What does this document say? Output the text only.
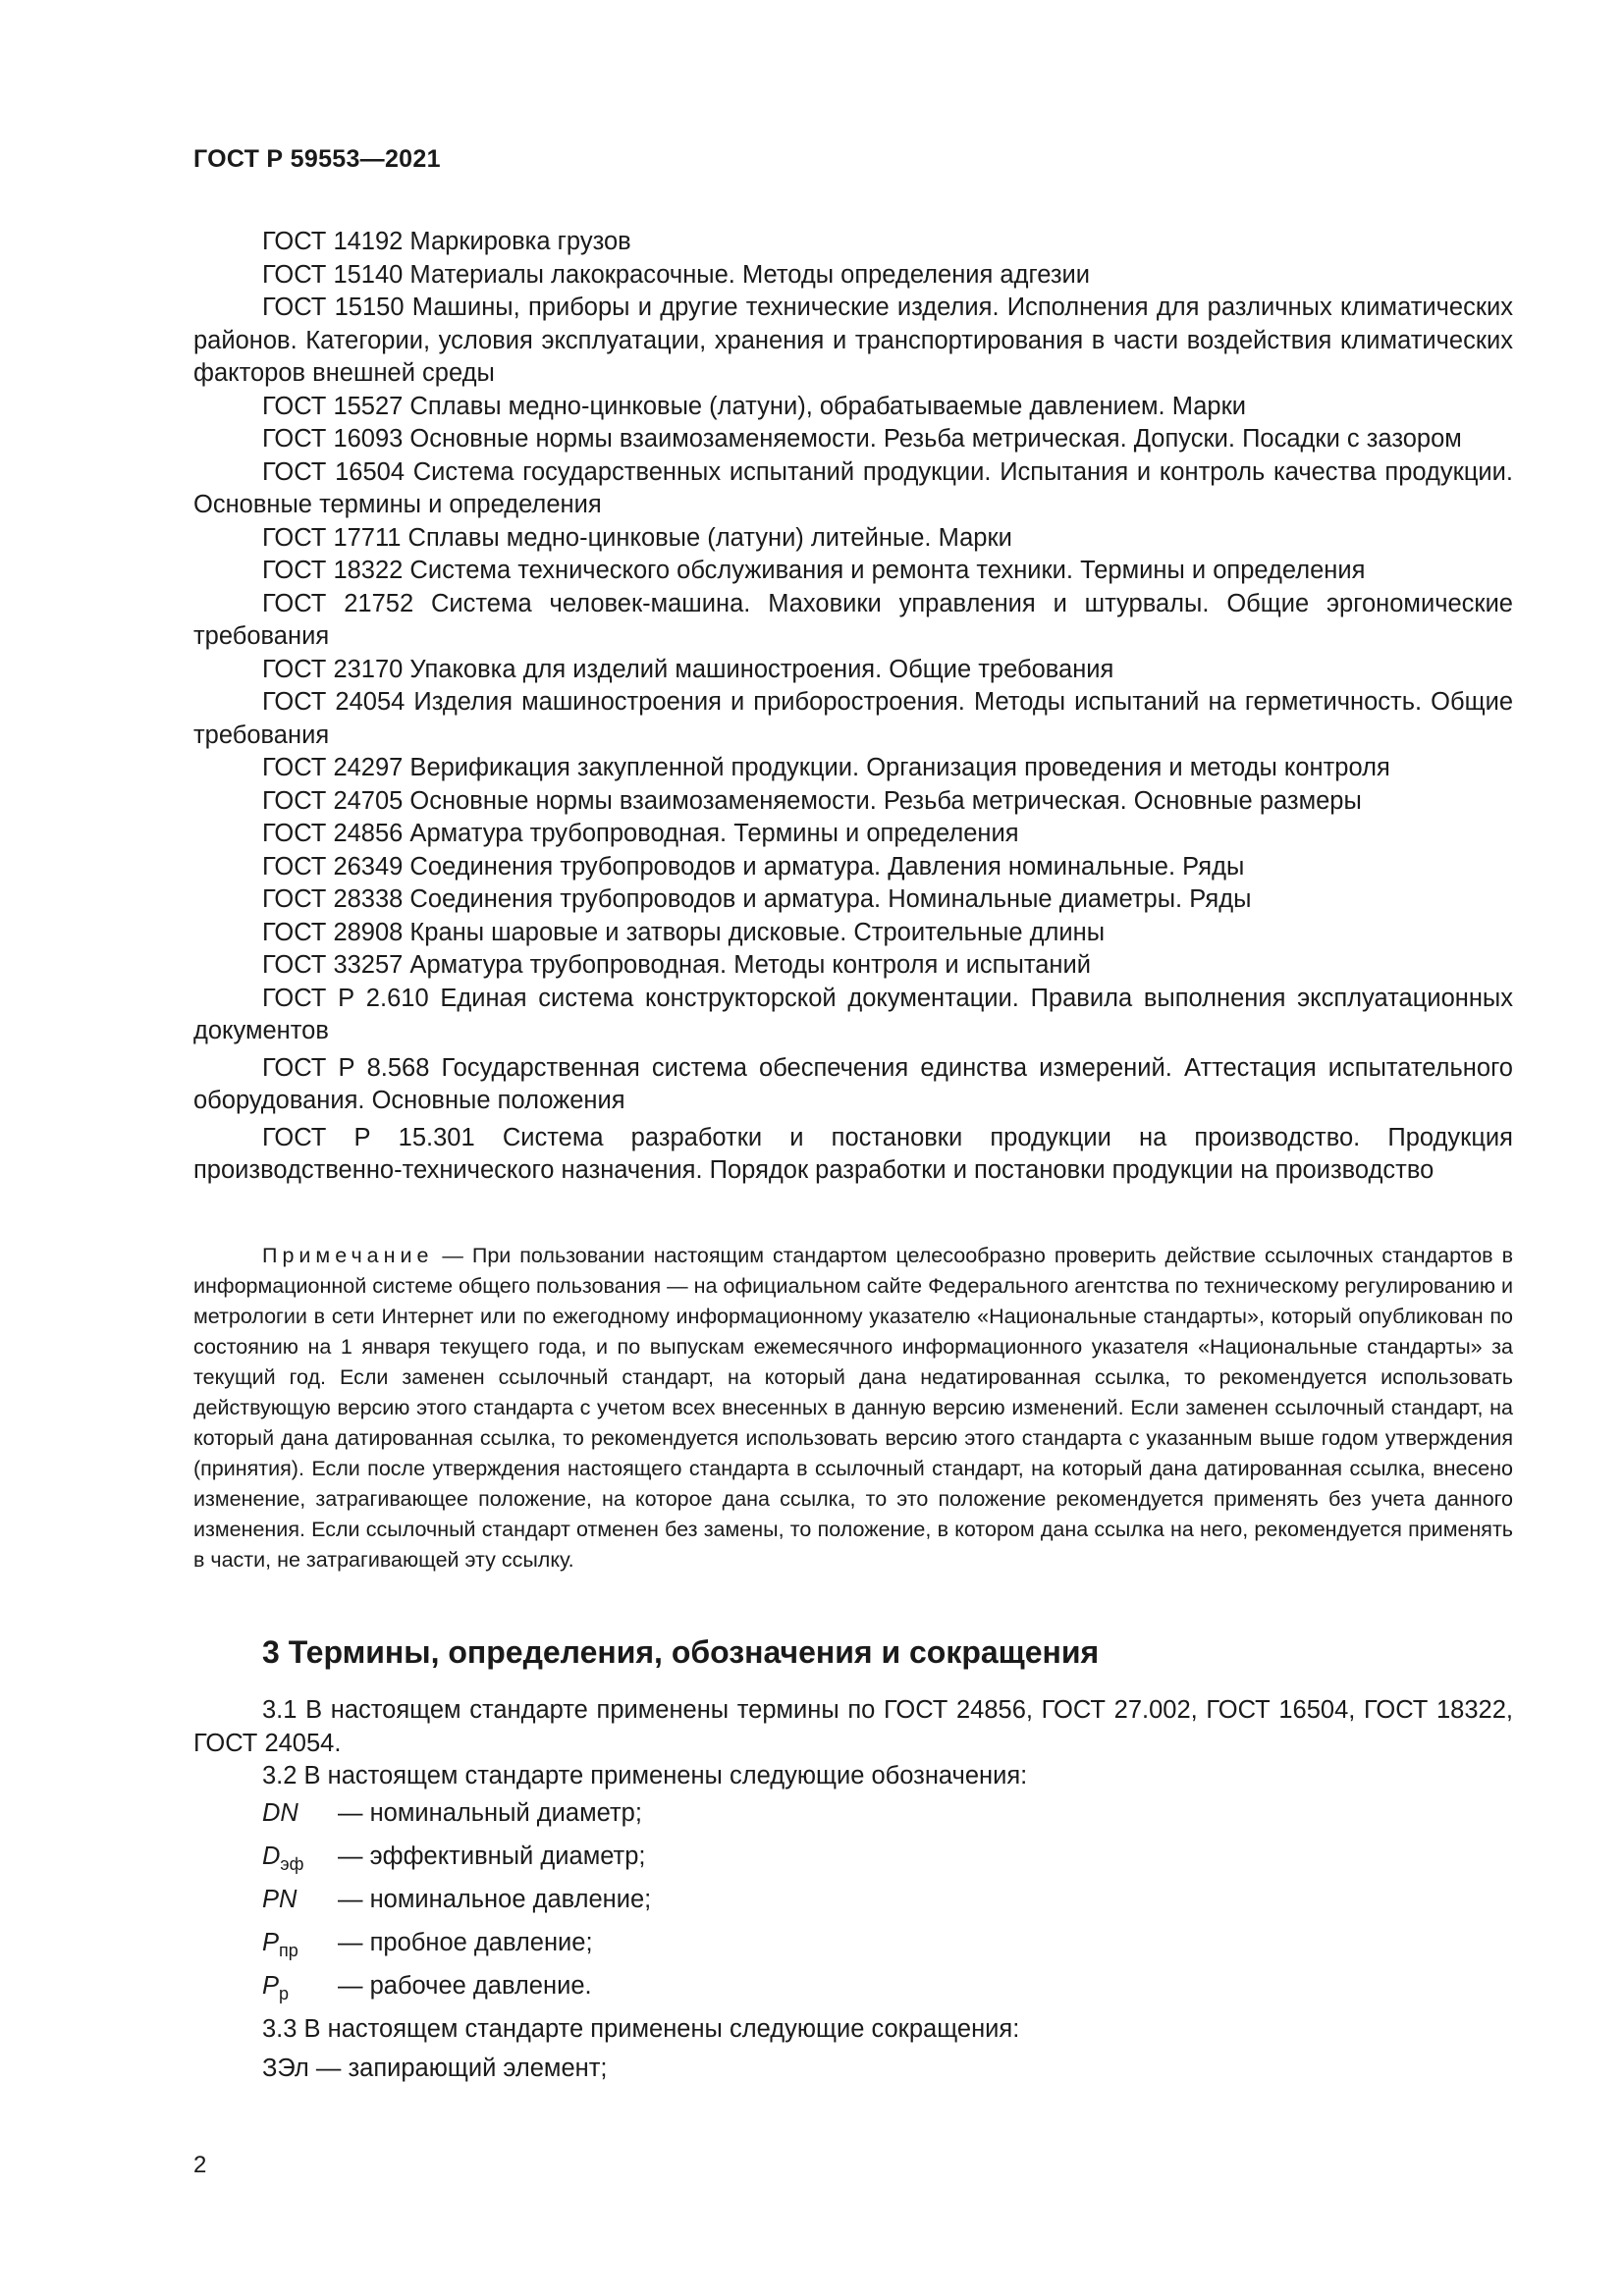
ГОСТ Р 59553—2021

ГОСТ 14192 Маркировка грузов

ГОСТ 15140 Материалы лакокрасочные. Методы определения адгезии

ГОСТ 15150 Машины, приборы и другие технические изделия. Исполнения для различных климатических районов. Категории, условия эксплуатации, хранения и транспортирования в части воздействия климатических факторов внешней среды

ГОСТ 15527 Сплавы медно-цинковые (латуни), обрабатываемые давлением. Марки

ГОСТ 16093 Основные нормы взаимозаменяемости. Резьба метрическая. Допуски. Посадки с зазором

ГОСТ 16504 Система государственных испытаний продукции. Испытания и контроль качества продукции. Основные термины и определения

ГОСТ 17711 Сплавы медно-цинковые (латуни) литейные. Марки

ГОСТ 18322 Система технического обслуживания и ремонта техники. Термины и определения

ГОСТ 21752 Система человек-машина. Маховики управления и штурвалы. Общие эргономические требования

ГОСТ 23170 Упаковка для изделий машиностроения. Общие требования

ГОСТ 24054 Изделия машиностроения и приборостроения. Методы испытаний на герметичность. Общие требования

ГОСТ 24297 Верификация закупленной продукции. Организация проведения и методы контроля

ГОСТ 24705 Основные нормы взаимозаменяемости. Резьба метрическая. Основные размеры

ГОСТ 24856 Арматура трубопроводная. Термины и определения

ГОСТ 26349 Соединения трубопроводов и арматура. Давления номинальные. Ряды

ГОСТ 28338 Соединения трубопроводов и арматура. Номинальные диаметры. Ряды

ГОСТ 28908 Краны шаровые и затворы дисковые. Строительные длины

ГОСТ 33257 Арматура трубопроводная. Методы контроля и испытаний

ГОСТ Р 2.610 Единая система конструкторской документации. Правила выполнения эксплуатационных документов

ГОСТ Р 8.568 Государственная система обеспечения единства измерений. Аттестация испытательного оборудования. Основные положения

ГОСТ Р 15.301 Система разработки и постановки продукции на производство. Продукция производственно-технического назначения. Порядок разработки и постановки продукции на производство

Примечание — При пользовании настоящим стандартом целесообразно проверить действие ссылочных стандартов в информационной системе общего пользования — на официальном сайте Федерального агентства по техническому регулированию и метрологии в сети Интернет или по ежегодному информационному указателю «Национальные стандарты», который опубликован по состоянию на 1 января текущего года, и по выпускам ежемесячного информационного указателя «Национальные стандарты» за текущий год. Если заменен ссылочный стандарт, на который дана недатированная ссылка, то рекомендуется использовать действующую версию этого стандарта с учетом всех внесенных в данную версию изменений. Если заменен ссылочный стандарт, на который дана датированная ссылка, то рекомендуется использовать версию этого стандарта с указанным выше годом утверждения (принятия). Если после утверждения настоящего стандарта в ссылочный стандарт, на который дана датированная ссылка, внесено изменение, затрагивающее положение, на которое дана ссылка, то это положение рекомендуется применять без учета данного изменения. Если ссылочный стандарт отменен без замены, то положение, в котором дана ссылка на него, рекомендуется применять в части, не затрагивающей эту ссылку.

3 Термины, определения, обозначения и сокращения

3.1 В настоящем стандарте применены термины по ГОСТ 24856, ГОСТ 27.002, ГОСТ 16504, ГОСТ 18322, ГОСТ 24054.

3.2 В настоящем стандарте применены следующие обозначения:

DN — номинальный диаметр;
$D_{эф}$ — эффективный диаметр;
PN — номинальное давление;
$P_{пр}$ — пробное давление;
$P_р$ — рабочее давление.

3.3 В настоящем стандарте применены следующие сокращения:

ЗЭл — запирающий элемент;
2
